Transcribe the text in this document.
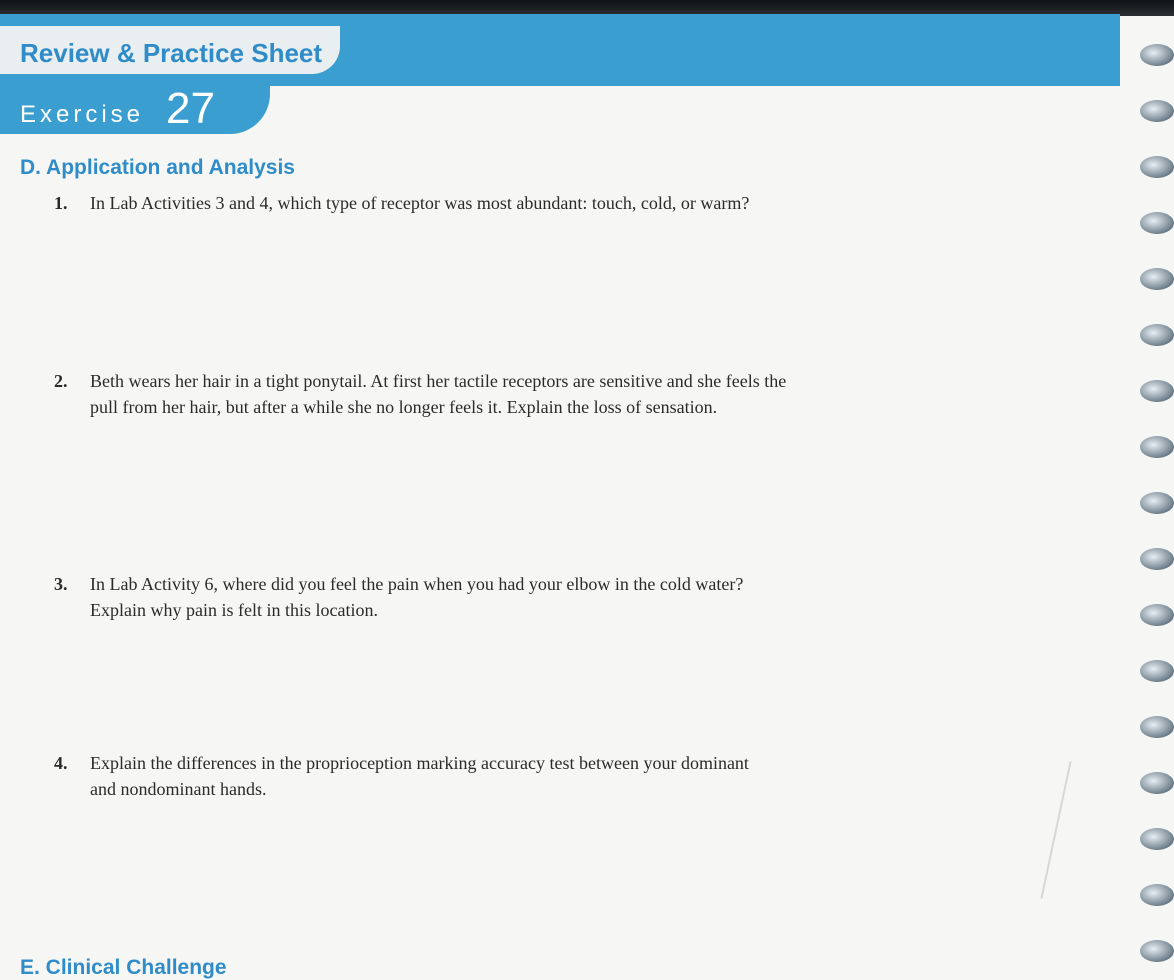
Review & Practice Sheet
Exercise 27
D. Application and Analysis
1. In Lab Activities 3 and 4, which type of receptor was most abundant: touch, cold, or warm?
2. Beth wears her hair in a tight ponytail. At first her tactile receptors are sensitive and she feels the pull from her hair, but after a while she no longer feels it. Explain the loss of sensation.
3. In Lab Activity 6, where did you feel the pain when you had your elbow in the cold water? Explain why pain is felt in this location.
4. Explain the differences in the proprioception marking accuracy test between your dominant and nondominant hands.
E. Clinical Challenge
